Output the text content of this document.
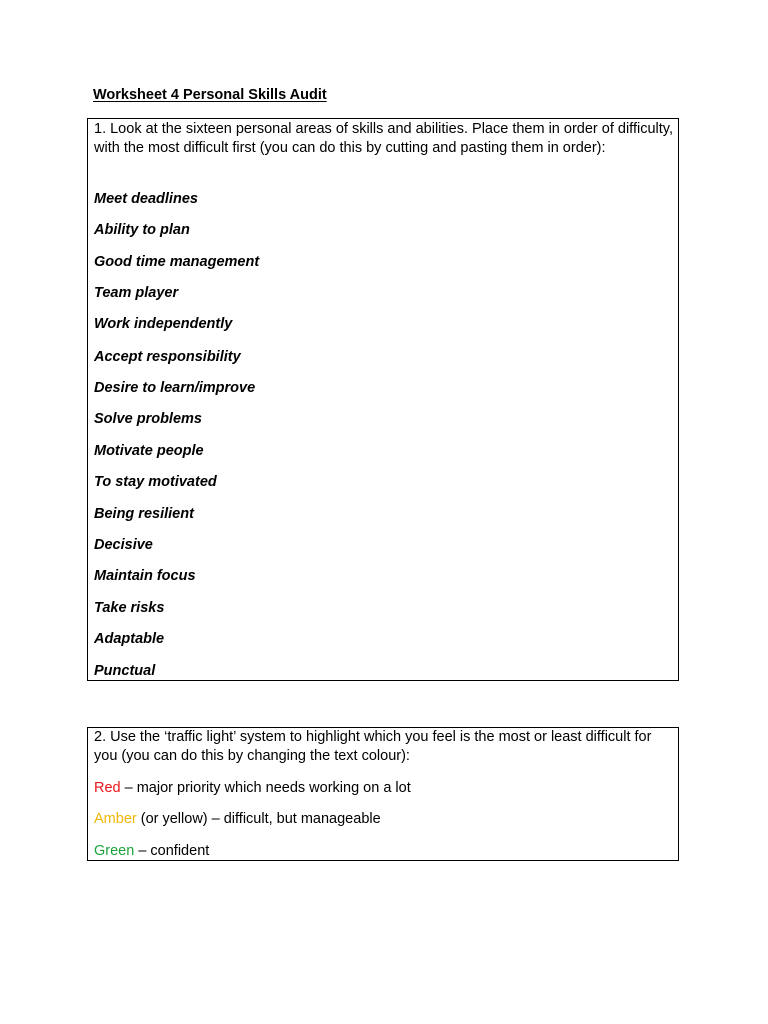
Worksheet 4 Personal Skills Audit
1. Look at the sixteen personal areas of skills and abilities. Place them in order of difficulty, with the most difficult first (you can do this by cutting and pasting them in order):
Meet deadlines
Ability to plan
Good time management
Team player
Work independently
Accept responsibility
Desire to learn/improve
Solve problems
Motivate people
To stay motivated
Being resilient
Decisive
Maintain focus
Take risks
Adaptable
Punctual
2. Use the ‘traffic light’ system to highlight which you feel is the most or least difficult for you (you can do this by changing the text colour):
Red – major priority which needs working on a lot
Amber (or yellow) – difficult, but manageable
Green – confident
